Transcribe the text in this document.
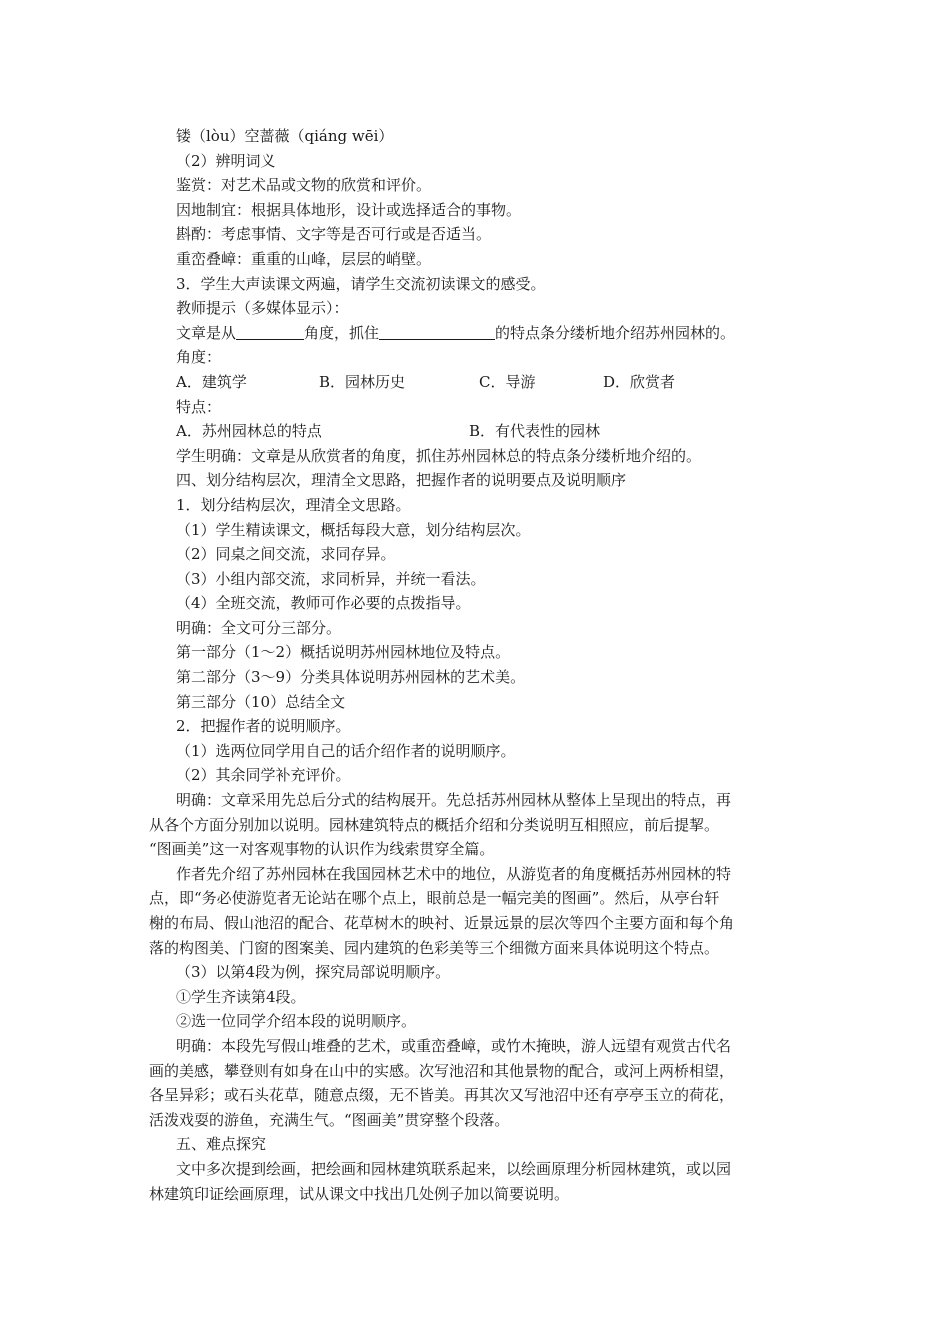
镂（lòu）空蔷薇（qiáng wēi）
（2）辨明词义
鉴赏：对艺术品或文物的欣赏和评价。
因地制宜：根据具体地形，设计或选择适合的事物。
斟酌：考虑事情、文字等是否可行或是否适当。
重峦叠嶂：重重的山峰，层层的峭壁。
3．学生大声读课文两遍，请学生交流初读课文的感受。
教师提示（多媒体显示）：
文章是从	角度，抓住	的特点条分缕析地介绍苏州园林的。
角度：
A．建筑学	B．园林历史	C．导游	D．欣赏者
特点：
A．苏州园林总的特点	B．有代表性的园林
学生明确：文章是从欣赏者的角度，抓住苏州园林总的特点条分缕析地介绍的。
四、划分结构层次，理清全文思路，把握作者的说明要点及说明顺序
1．划分结构层次，理清全文思路。
（1）学生精读课文，概括每段大意，划分结构层次。
（2）同桌之间交流，求同存异。
（3）小组内部交流，求同析异，并统一看法。
（4）全班交流，教师可作必要的点拨指导。
明确：全文可分三部分。
第一部分（1～2）概括说明苏州园林地位及特点。
第二部分（3～9）分类具体说明苏州园林的艺术美。
第三部分（10）总结全文
2．把握作者的说明顺序。
（1）选两位同学用自己的话介绍作者的说明顺序。
（2）其余同学补充评价。
明确：文章采用先总后分式的结构展开。先总括苏州园林从整体上呈现出的特点，再
从各个方面分别加以说明。园林建筑特点的概括介绍和分类说明互相照应，前后提挈。
“图画美”这一对客观事物的认识作为线索贯穿全篇。
作者先介绍了苏州园林在我国园林艺术中的地位，从游览者的角度概括苏州园林的特
点，即“务必使游览者无论站在哪个点上，眼前总是一幅完美的图画”。然后，从亭台轩
榭的布局、假山池沼的配合、花草树木的映衬、近景远景的层次等四个主要方面和每个角
落的构图美、门窗的图案美、园内建筑的色彩美等三个细微方面来具体说明这个特点。
（3）以第4段为例，探究局部说明顺序。
①学生齐读第4段。
②选一位同学介绍本段的说明顺序。
明确：本段先写假山堆叠的艺术，或重峦叠嶂，或竹木掩映，游人远望有观赏古代名
画的美感，攀登则有如身在山中的实感。次写池沼和其他景物的配合，或河上两桥相望，
各呈异彩；或石头花草，随意点缀，无不皆美。再其次又写池沼中还有亭亭玉立的荷花，
活泼戏耍的游鱼，充满生气。“图画美”贯穿整个段落。
五、难点探究
文中多次提到绘画，把绘画和园林建筑联系起来，以绘画原理分析园林建筑，或以园
林建筑印证绘画原理，试从课文中找出几处例子加以简要说明。
